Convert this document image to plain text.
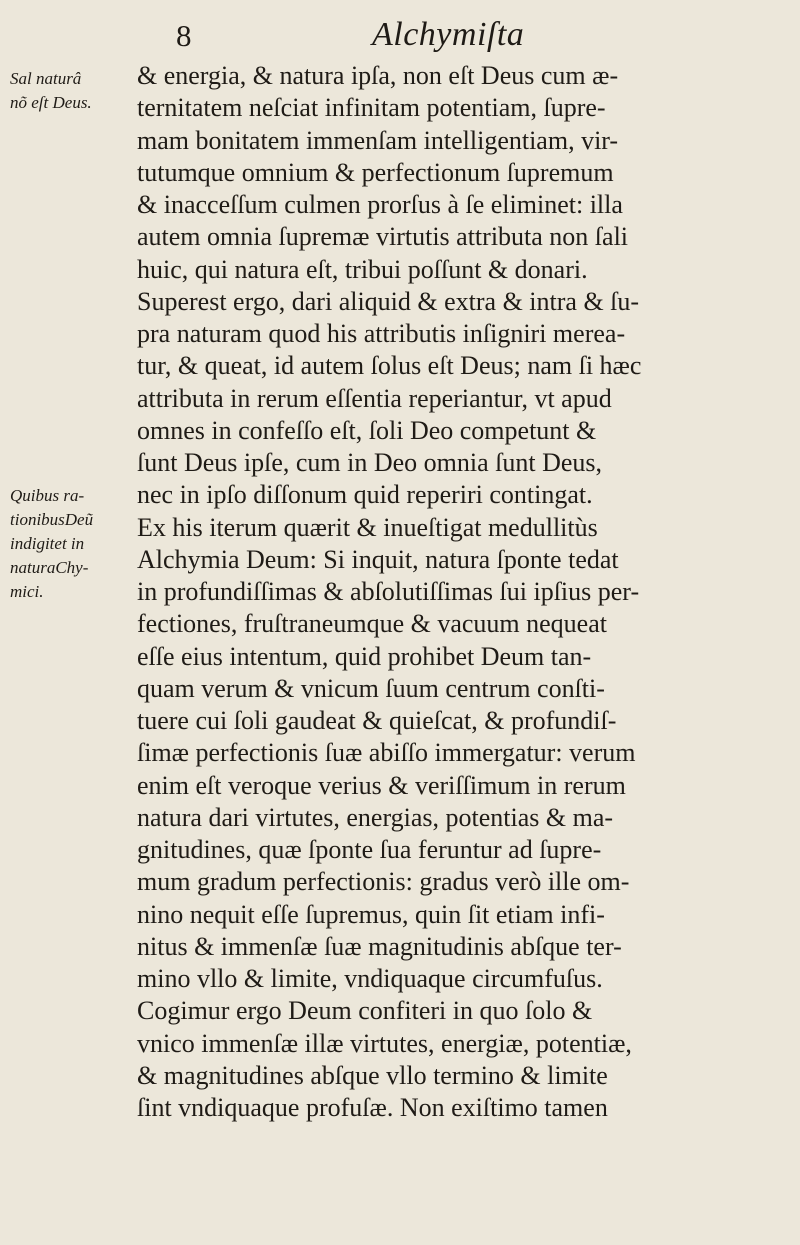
8	Alchymiſta
Sal naturâ
nõ eſt Deus.
Quibus ra-
tionibusDeũ
indigitet in
naturaChy-
mici.
& energia, & natura ipſa, non eſt Deus cum æ-
ternitatem neſciat infinitam potentiam, ſupre-
mam bonitatem immenſam intelligentiam, vir-
tutumque omnium & perfectionum ſupremum
& inacceſſum culmen prorſus à ſe eliminet: illa
autem omnia ſupremæ virtutis attributa non ſali
huic, qui natura eſt, tribui poſſunt & donari.
Superest ergo, dari aliquid & extra & intra & ſu-
pra naturam quod his attributis inſigniri merea-
tur, & queat, id autem ſolus eſt Deus; nam ſi hæc
attributa in rerum eſſentia reperiantur, vt apud
omnes in confeſſo eſt, ſoli Deo competunt &
ſunt Deus ipſe, cum in Deo omnia ſunt Deus,
nec in ipſo diſſonum quid reperiri contingat.
Ex his iterum quærit & inueſtigat medullitùs
Alchymia Deum: Si inquit, natura ſponte tedat
in profundiſſimas & abſolutiſſimas ſui ipſius per-
fectiones, fruſtraneumque & vacuum nequeat
eſſe eius intentum, quid prohibet Deum tan-
quam verum & vnicum ſuum centrum conſti-
tuere cui ſoli gaudeat & quieſcat, & profundiſ-
ſimæ perfectionis ſuæ abiſſo immergatur: verum
enim eſt veroque verius & veriſſimum in rerum
natura dari virtutes, energias, potentias & ma-
gnitudines, quæ ſponte ſua feruntur ad ſupre-
mum gradum perfectionis: gradus verò ille om-
nino nequit eſſe ſupremus, quin ſit etiam infi-
nitus & immenſæ ſuæ magnitudinis abſque ter-
mino vllo & limite, vndiquaque circumfuſus.
Cogimur ergo Deum confiteri in quo ſolo &
vnico immenſæ illæ virtutes, energiæ, potentiæ,
& magnitudines abſque vllo termino & limite
ſint vndiquaque profuſæ. Non exiſtimo tamen
